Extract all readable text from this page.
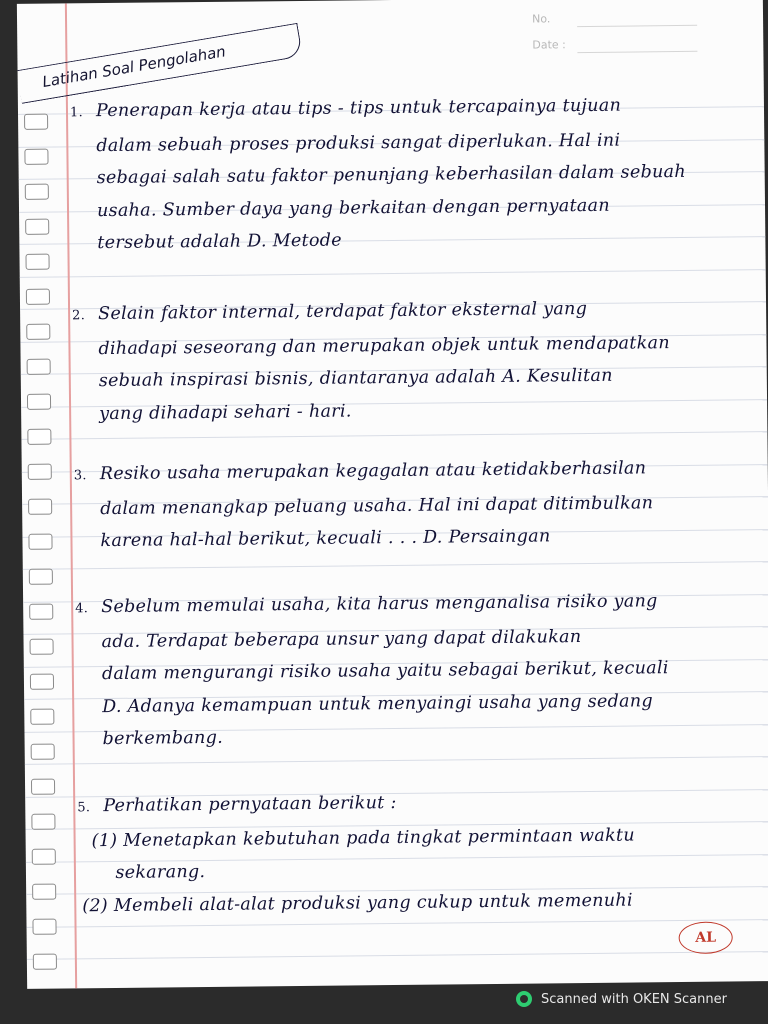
No.
Date :
Latihan Soal Pengolahan
1. Penerapan kerja atau tips - tips untuk tercapainya tujuan
dalam sebuah proses produksi sangat diperlukan. Hal ini
sebagai salah satu faktor penunjang keberhasilan dalam sebuah
usaha. Sumber daya yang berkaitan dengan pernyataan
tersebut adalah D. Metode
2. Selain faktor internal, terdapat faktor eksternal yang
dihadapi seseorang dan merupakan objek untuk mendapatkan
sebuah inspirasi bisnis, diantaranya adalah A. Kesulitan
yang dihadapi sehari - hari.
3. Resiko usaha merupakan kegagalan atau ketidakberhasilan
dalam menangkap peluang usaha. Hal ini dapat ditimbulkan
karena hal-hal berikut, kecuali . . . D. Persaingan
4. Sebelum memulai usaha, kita harus menganalisa risiko yang
ada. Terdapat beberapa unsur yang dapat dilakukan
dalam mengurangi risiko usaha yaitu sebagai berikut, kecuali
D. Adanya kemampuan untuk menyaingi usaha yang sedang
berkembang.
5. Perhatikan pernyataan berikut :
(1) Menetapkan kebutuhan pada tingkat permintaan waktu
sekarang.
(2) Membeli alat-alat produksi yang cukup untuk memenuhi
AL
Scanned with OKEN Scanner
